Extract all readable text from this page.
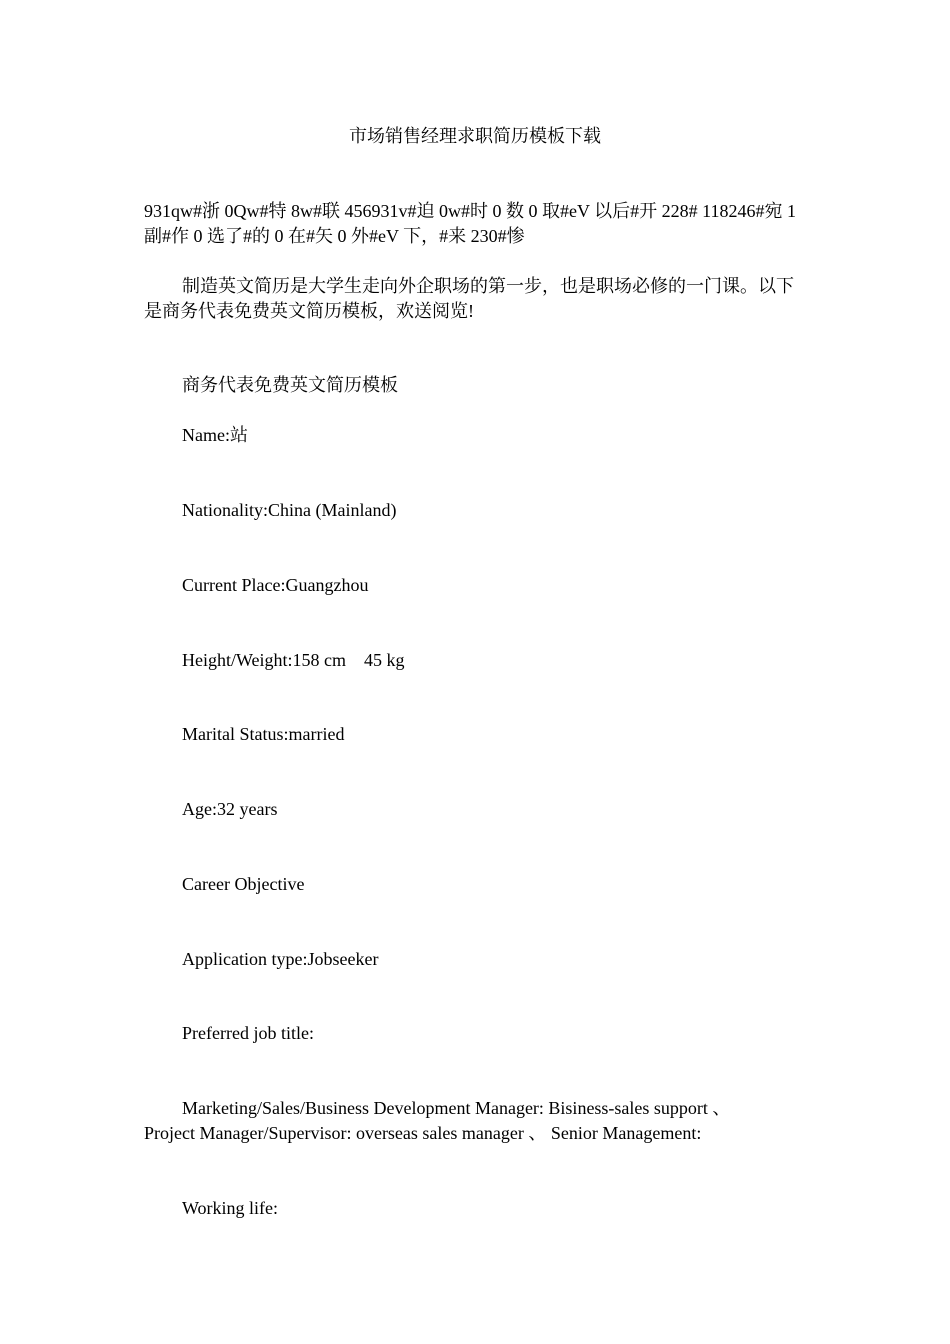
市场销售经理求职简历模板下载
931qw#浙 0Qw#特 8w#联 456931v#迫 0w#时 0 数 0 取#eV 以后#开 228# 118246#宛 1 副#作 0 选了#的 0 在#矢 0 外#eV 下，#来 230#惨
制造英文简历是大学生走向外企职场的第一步，也是职场必修的一门课。以下是商务代表免费英文简历模板，欢送阅览!
商务代表免费英文简历模板
Name:站
Nationality:China (Mainland)
Current Place:Guangzhou
Height/Weight:158 cm    45 kg
Marital Status:married
Age:32 years
Career Objective
Application type:Jobseeker
Preferred job title:
Marketing/Sales/Business Development Manager: Bisiness-sales support 、 Project Manager/Supervisor: overseas sales manager 、 Senior Management:
Working life:
